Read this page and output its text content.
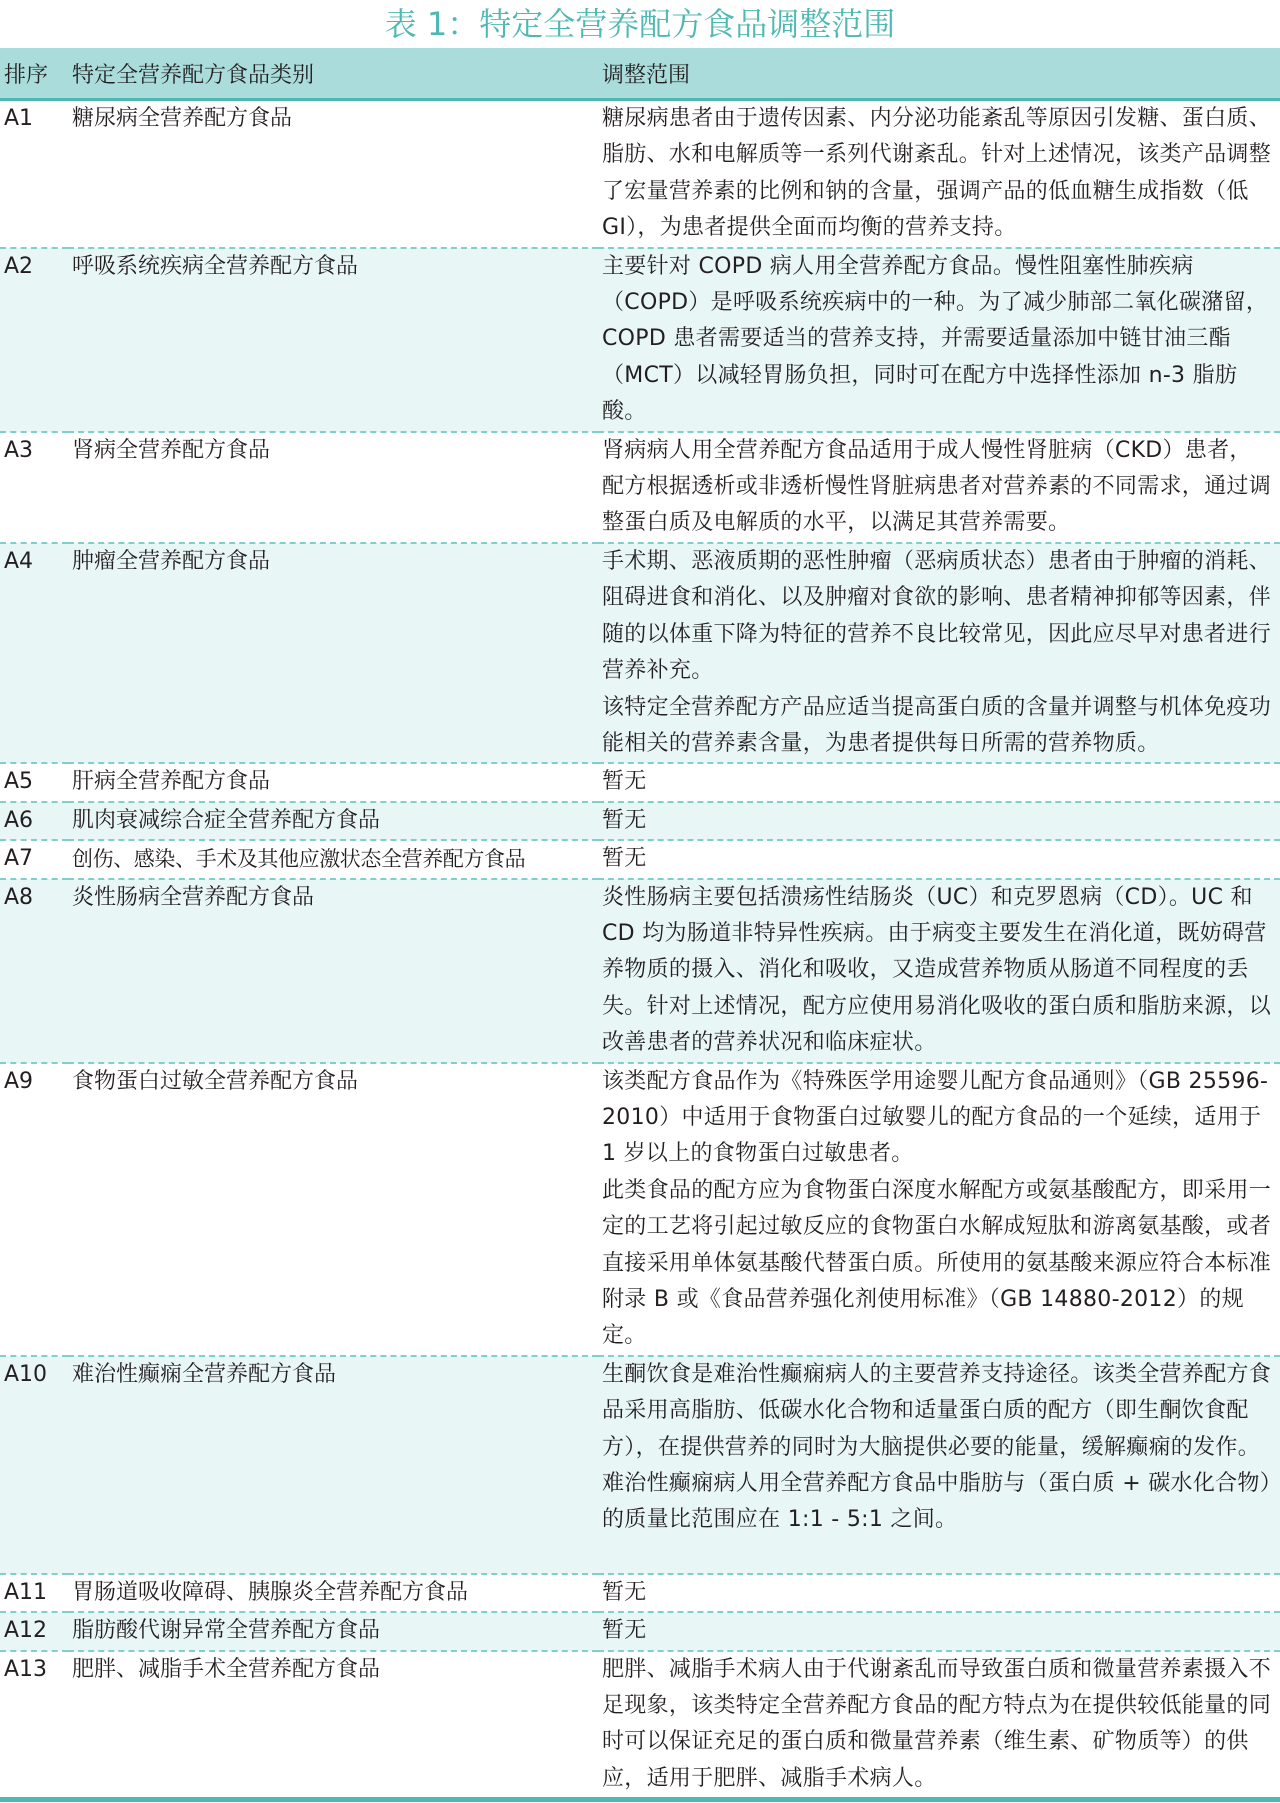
表 1：特定全营养配方食品调整范围
排序	特定全营养配方食品类别	调整范围
A1	糖尿病全营养配方食品	糖尿病患者由于遗传因素、内分泌功能紊乱等原因引发糖、蛋白质、脂肪、水和电解质等一系列代谢紊乱。针对上述情况，该类产品调整了宏量营养素的比例和钠的含量，强调产品的低血糖生成指数（低 GI），为患者提供全面而均衡的营养支持。

A2	呼吸系统疾病全营养配方食品	主要针对 COPD 病人用全营养配方食品。慢性阻塞性肺疾病（COPD）是呼吸系统疾病中的一种。为了减少肺部二氧化碳潴留，COPD 患者需要适当的营养支持，并需要适量添加中链甘油三酯（MCT）以减轻胃肠负担，同时可在配方中选择性添加 n-3 脂肪酸。

A3	肾病全营养配方食品	肾病病人用全营养配方食品适用于成人慢性肾脏病（CKD）患者，配方根据透析或非透析慢性肾脏病患者对营养素的不同需求，通过调整蛋白质及电解质的水平，以满足其营养需要。

A4	肿瘤全营养配方食品	手术期、恶液质期的恶性肿瘤（恶病质状态）患者由于肿瘤的消耗、阻碍进食和消化、以及肿瘤对食欲的影响、患者精神抑郁等因素，伴随的以体重下降为特征的营养不良比较常见，因此应尽早对患者进行营养补充。
该特定全营养配方产品应适当提高蛋白质的含量并调整与机体免疫功能相关的营养素含量，为患者提供每日所需的营养物质。

A5	肝病全营养配方食品	暂无

A6	肌肉衰减综合症全营养配方食品	暂无

A7	创伤、感染、手术及其他应激状态全营养配方食品	暂无

A8	炎性肠病全营养配方食品	炎性肠病主要包括溃疡性结肠炎（UC）和克罗恩病（CD）。UC 和 CD 均为肠道非特异性疾病。由于病变主要发生在消化道，既妨碍营养物质的摄入、消化和吸收，又造成营养物质从肠道不同程度的丢失。针对上述情况，配方应使用易消化吸收的蛋白质和脂肪来源，以改善患者的营养状况和临床症状。

A9	食物蛋白过敏全营养配方食品	该类配方食品作为《特殊医学用途婴儿配方食品通则》（GB 25596-2010）中适用于食物蛋白过敏婴儿的配方食品的一个延续，适用于 1 岁以上的食物蛋白过敏患者。
此类食品的配方应为食物蛋白深度水解配方或氨基酸配方，即采用一定的工艺将引起过敏反应的食物蛋白水解成短肽和游离氨基酸，或者直接采用单体氨基酸代替蛋白质。所使用的氨基酸来源应符合本标准附录 B 或《食品营养强化剂使用标准》（GB 14880-2012）的规定。

A10	难治性癫痫全营养配方食品	生酮饮食是难治性癫痫病人的主要营养支持途径。该类全营养配方食品采用高脂肪、低碳水化合物和适量蛋白质的配方（即生酮饮食配方），在提供营养的同时为大脑提供必要的能量，缓解癫痫的发作。
难治性癫痫病人用全营养配方食品中脂肪与（蛋白质 + 碳水化合物）的质量比范围应在 1:1 - 5:1 之间。

A11	胃肠道吸收障碍、胰腺炎全营养配方食品	暂无

A12	脂肪酸代谢异常全营养配方食品	暂无

A13	肥胖、减脂手术全营养配方食品	肥胖、减脂手术病人由于代谢紊乱而导致蛋白质和微量营养素摄入不足现象，该类特定全营养配方食品的配方特点为在提供较低能量的同时可以保证充足的蛋白质和微量营养素（维生素、矿物质等）的供应，适用于肥胖、减脂手术病人。
